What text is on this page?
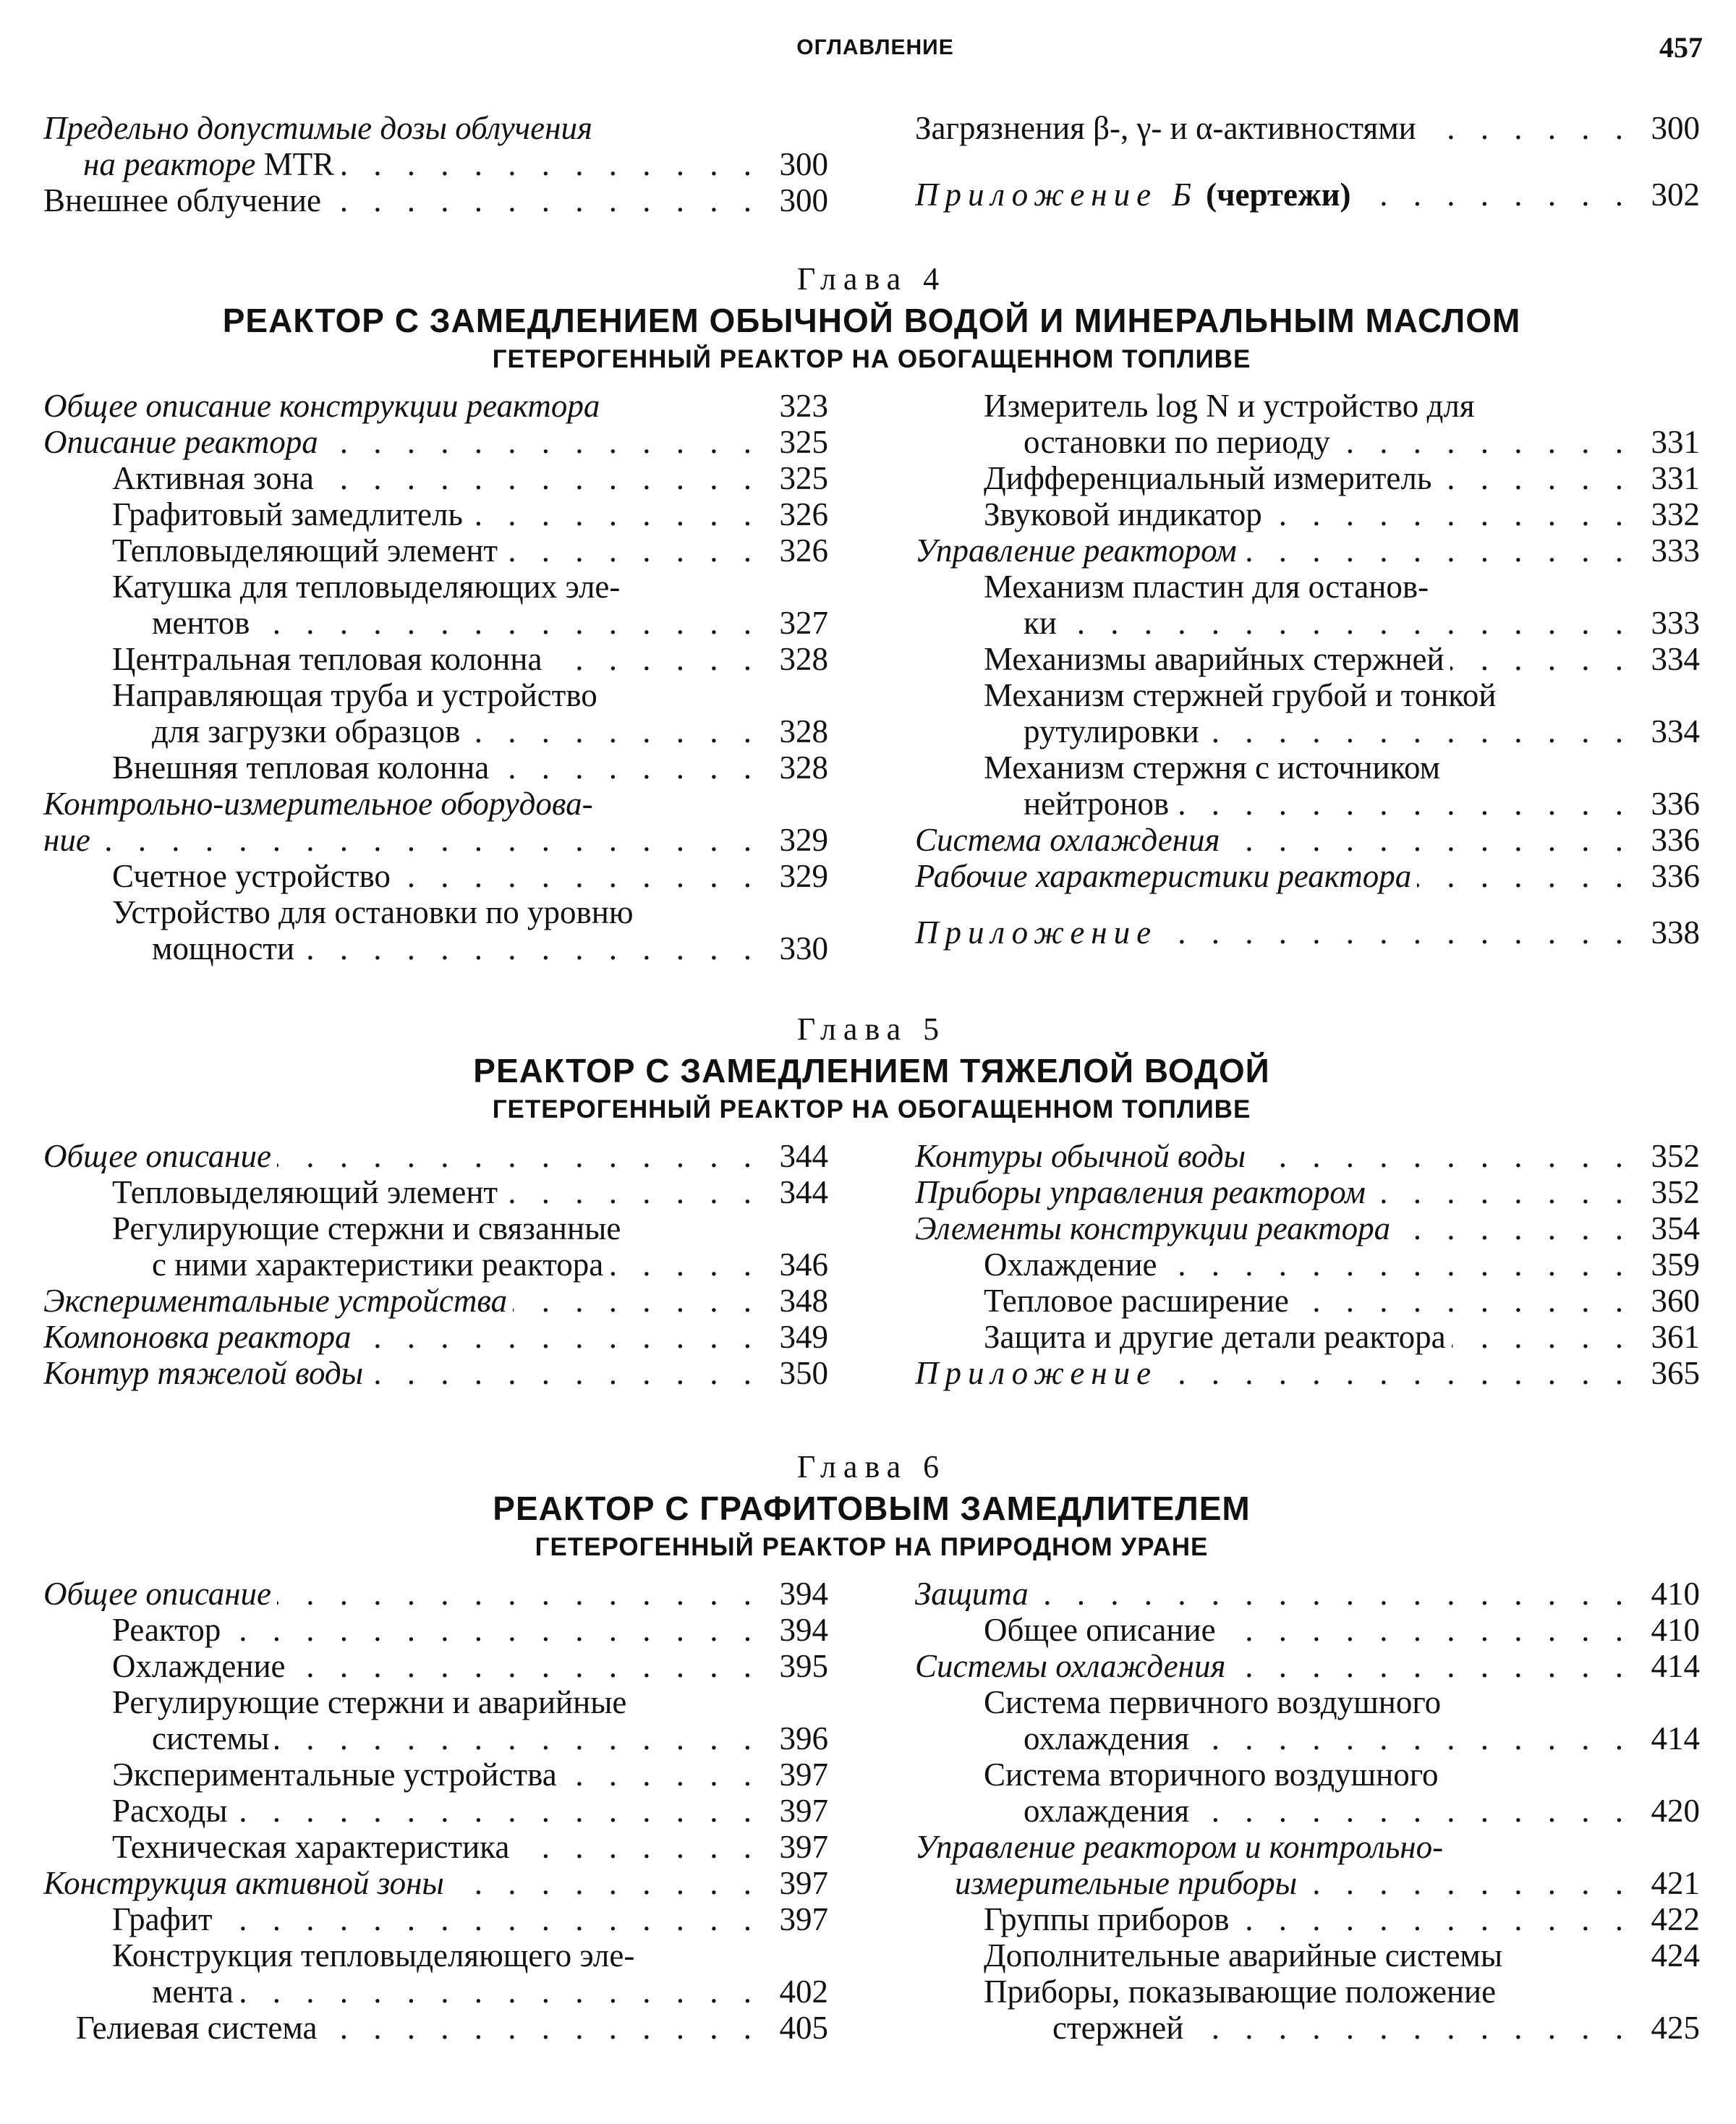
ОГЛАВЛЕНИЕ	457
Предельно допустимые дозы облучения
на реакторе MTR . . .	300
Внешнее облучение . . .	300
Загрязнения β-, γ- и α-активностями . . .	300
Приложение Б (чертежи) . . .	302
Глава 4
РЕАКТОР С ЗАМЕДЛЕНИЕМ ОБЫЧНОЙ ВОДОЙ И МИНЕРАЛЬНЫМ МАСЛОМ
ГЕТЕРОГЕННЫЙ РЕАКТОР НА ОБОГАЩЕННОМ ТОПЛИВЕ
Общее описание конструкции реактора	323
Описание реактора . . .	325
Активная зона . . .	325
Графитовый замедлитель . . .	326
Тепловыделяющий элемент . . .	326
Катушка для тепловыделяющих эле-
ментов . . .	327
Центральная тепловая колонна . . .	328
Направляющая труба и устройство
для загрузки образцов . . .	328
Внешняя тепловая колонна . . .	328
Контрольно-измерительное оборудова-
ние . . .	329
Счетное устройство . . .	329
Устройство для остановки по уровню
мощности . . .	330
Измеритель log N и устройство для
остановки по периоду . . .	331
Дифференциальный измеритель . . .	331
Звуковой индикатор . . .	332
Управление реактором . . .	333
Механизм пластин для останов-
ки . . .	333
Механизмы аварийных стержней . . .	334
Механизм стержней грубой и тонкой
рутулировки . . .	334
Механизм стержня с источником
нейтронов . . .	336
Система охлаждения . . .	336
Рабочие характеристики реактора . . .	336
Приложение . . .	338
Глава 5
РЕАКТОР С ЗАМЕДЛЕНИЕМ ТЯЖЕЛОЙ ВОДОЙ
ГЕТЕРОГЕННЫЙ РЕАКТОР НА ОБОГАЩЕННОМ ТОПЛИВЕ
Общее описание . . .	344
Тепловыделяющий элемент . . .	344
Регулирующие стержни и связанные
с ними характеристики реактора . . .	346
Экспериментальные устройства . . .	348
Компоновка реактора . . .	349
Контур тяжелой воды . . .	350
Контуры обычной воды . . .	352
Приборы управления реактором . . .	352
Элементы конструкции реактора . . .	354
Охлаждение . . .	359
Тепловое расширение . . .	360
Защита и другие детали реактора . . .	361
Приложение . . .	365
Глава 6
РЕАКТОР С ГРАФИТОВЫМ ЗАМЕДЛИТЕЛЕМ
ГЕТЕРОГЕННЫЙ РЕАКТОР НА ПРИРОДНОМ УРАНЕ
Общее описание . . .	394
Реактор . . .	394
Охлаждение . . .	395
Регулирующие стержни и аварийные
системы . . .	396
Экспериментальные устройства . . .	397
Расходы . . .	397
Техническая характеристика . . .	397
Конструкция активной зоны . . .	397
Графит . . .	397
Конструкция тепловыделяющего эле-
мента . . .	402
Гелиевая система . . .	405
Защита . . .	410
Общее описание . . .	410
Системы охлаждения . . .	414
Система первичного воздушного
охлаждения . . .	414
Система вторичного воздушного
охлаждения . . .	420
Управление реактором и контрольно-
измерительные приборы . . .	421
Группы приборов . . .	422
Дополнительные аварийные системы	424
Приборы, показывающие положение
стержней . . .	425
